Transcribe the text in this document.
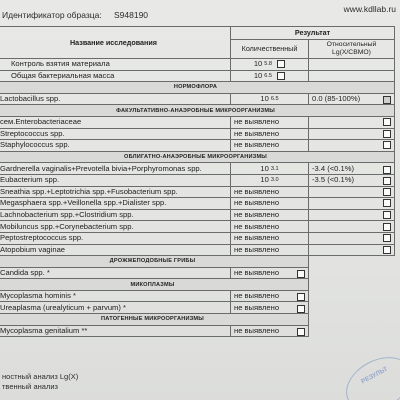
Идентификатор образца: S948190
www.kdllab.ru
Название исследования	Результат	
	Количественный	Относительный
Lg(X/CBMO)
Контроль взятия материала	10 $^{5.8}$	
Общая бактериальная масса	10 $^{6.5}$	
НОРМОФЛОРА		
Lactobacillus spp.	10 $^{6.5}$	0.0 (85-100%)

ФАКУЛЬТАТИВНО-АНАЭРОБНЫЕ МИКРООРГАНИЗМЫ		
сем.Enterobacteriaceae	не выявлено	
Streptococcus spp.	не выявлено	
Staphylococcus spp.	не выявлено	
ОБЛИГАТНО-АНАЭРОБНЫЕ МИКРООРГАНИЗМЫ		
Gardnerella vaginalis+Prevotella bivia+Porphyromonas spp.	10 $^{3.1}$	-3.4 (<0.1%)

Eubacterium spp.	10 $^{3.0}$	-3.5 (<0.1%)

Sneathia spp.+Leptotrichia spp.+Fusobacterium spp.	не выявлено	
Megasphaera spp.+Veillonella spp.+Dialister spp.	не выявлено	
Lachnobacterium spp.+Clostridium spp.	не выявлено	
Mobiluncus spp.+Corynebacterium spp.	не выявлено	
Peptostreptococcus spp.	не выявлено	
Atopobium vaginae	не выявлено	
ДРОЖЖЕПОДОБНЫЕ ГРИБЫ		
Candida spp. *	не выявлено

МИКОПЛАЗМЫ		
Mycoplasma hominis *	не выявлено

Ureaplasma (urealyticum + parvum) *	не выявлено

ПАТОГЕННЫЕ МИКРООРГАНИЗМЫ		
Mycoplasma genitalium **	не выявлено

ностный анализ Lg(X)
твенный анализ
РЕЗУЛЬТ
